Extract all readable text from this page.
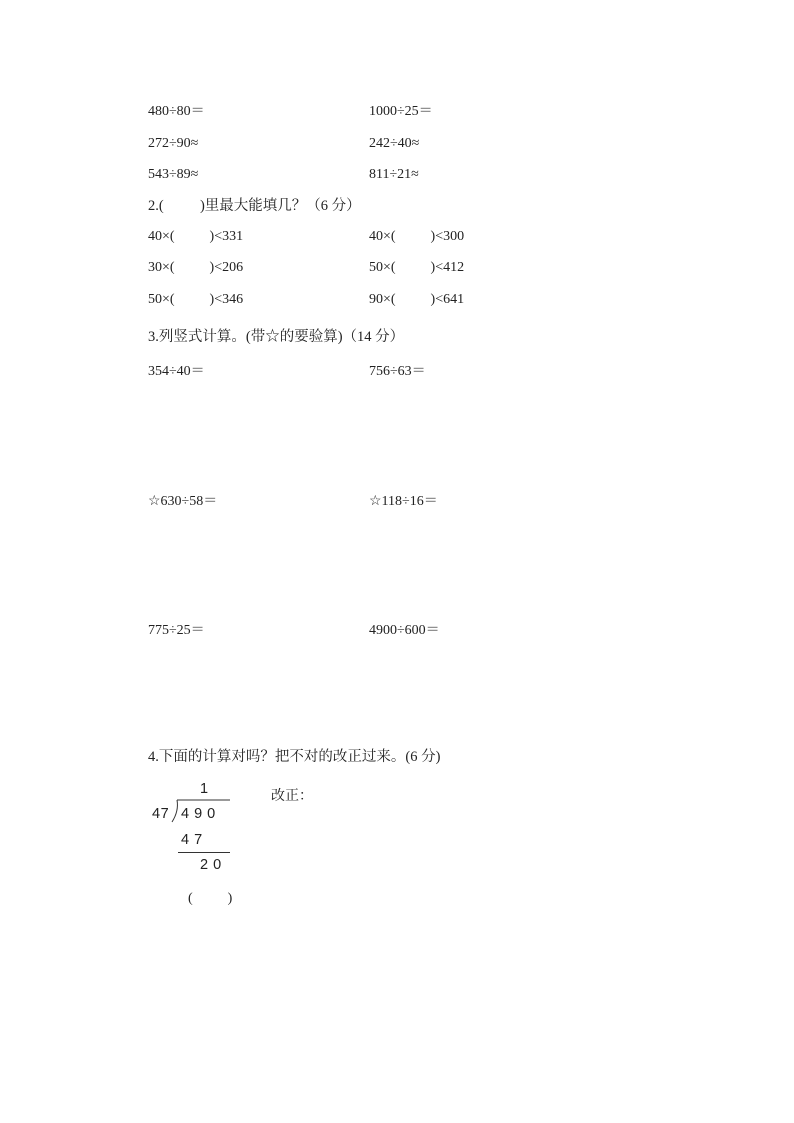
480÷80＝	1000÷25＝
272÷90≈	242÷40≈
543÷89≈	811÷21≈
2.(          )里最大能填几？（6 分）
40×(          )<331	40×(          )<300
30×(          )<206	50×(          )<412
50×(          )<346	90×(          )<641
3.列竖式计算。(带☆的要验算)（14 分）
354÷40＝	756÷63＝
☆630÷58＝	☆118÷16＝
775÷25＝	4900÷600＝
4.下面的计算对吗？把不对的改正过来。(6 分)
1
47 4 9 0
4 7
2 0
改正：
(          )
